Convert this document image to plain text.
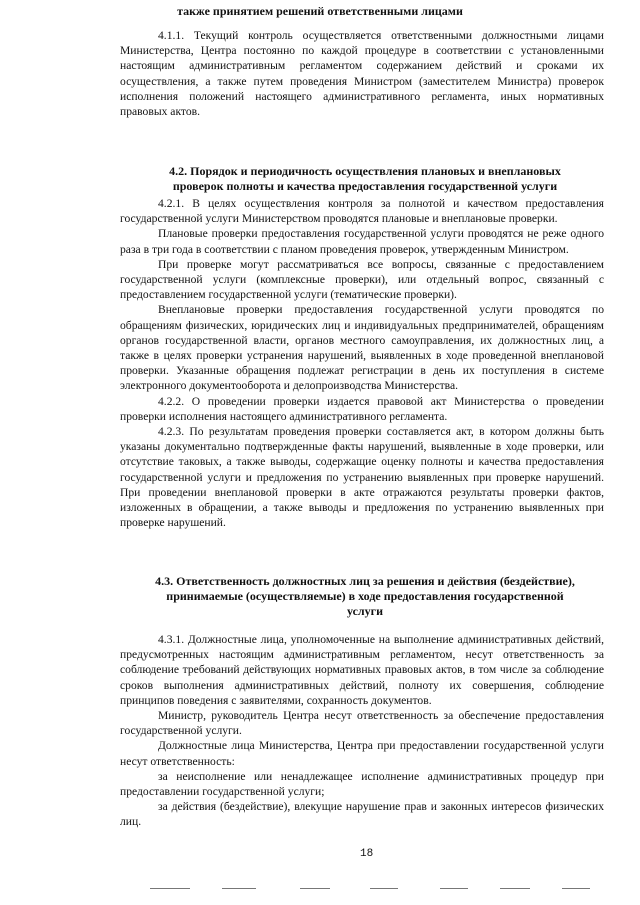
также принятием решений ответственными лицами

4.1.1. Текущий контроль осуществляется ответственными должностными лицами Министерства, Центра постоянно по каждой процедуре в соответствии с установленными настоящим административным регламентом содержанием действий и сроками их осуществления, а также путем проведения Министром (заместителем Министра) проверок исполнения положений настоящего административного регламента, иных нормативных правовых актов.

4.2. Порядок и периодичность осуществления плановых и внеплановых проверок полноты и качества предоставления государственной услуги

4.2.1. В целях осуществления контроля за полнотой и качеством предоставления государственной услуги Министерством проводятся плановые и внеплановые проверки.

Плановые проверки предоставления государственной услуги проводятся не реже одного раза в три года в соответствии с планом проведения проверок, утвержденным Министром.

При проверке могут рассматриваться все вопросы, связанные с предоставлением государственной услуги (комплексные проверки), или отдельный вопрос, связанный с предоставлением государственной услуги (тематические проверки).

Внеплановые проверки предоставления государственной услуги проводятся по обращениям физических, юридических лиц и индивидуальных предпринимателей, обращениям органов государственной власти, органов местного самоуправления, их должностных лиц, а также в целях проверки устранения нарушений, выявленных в ходе проведенной внеплановой проверки. Указанные обращения подлежат регистрации в день их поступления в системе электронного документооборота и делопроизводства Министерства.

4.2.2. О проведении проверки издается правовой акт Министерства о проведении проверки исполнения настоящего административного регламента.

4.2.3. По результатам проведения проверки составляется акт, в котором должны быть указаны документально подтвержденные факты нарушений, выявленные в ходе проверки, или отсутствие таковых, а также выводы, содержащие оценку полноты и качества предоставления государственной услуги и предложения по устранению выявленных при проверке нарушений. При проведении внеплановой проверки в акте отражаются результаты проверки фактов, изложенных в обращении, а также выводы и предложения по устранению выявленных при проверке нарушений.

4.3. Ответственность должностных лиц за решения и действия (бездействие), принимаемые (осуществляемые) в ходе предоставления государственной услуги

4.3.1. Должностные лица, уполномоченные на выполнение административных действий, предусмотренных настоящим административным регламентом, несут ответственность за соблюдение требований действующих нормативных правовых актов, в том числе за соблюдение сроков выполнения административных действий, полноту их совершения, соблюдение принципов поведения с заявителями, сохранность документов.

Министр, руководитель Центра несут ответственность за обеспечение предоставления государственной услуги.

Должностные лица Министерства, Центра при предоставлении государственной услуги несут ответственность:

за неисполнение или ненадлежащее исполнение административных процедур при предоставлении государственной услуги;

за действия (бездействие), влекущие нарушение прав и законных интересов физических лиц.

18
